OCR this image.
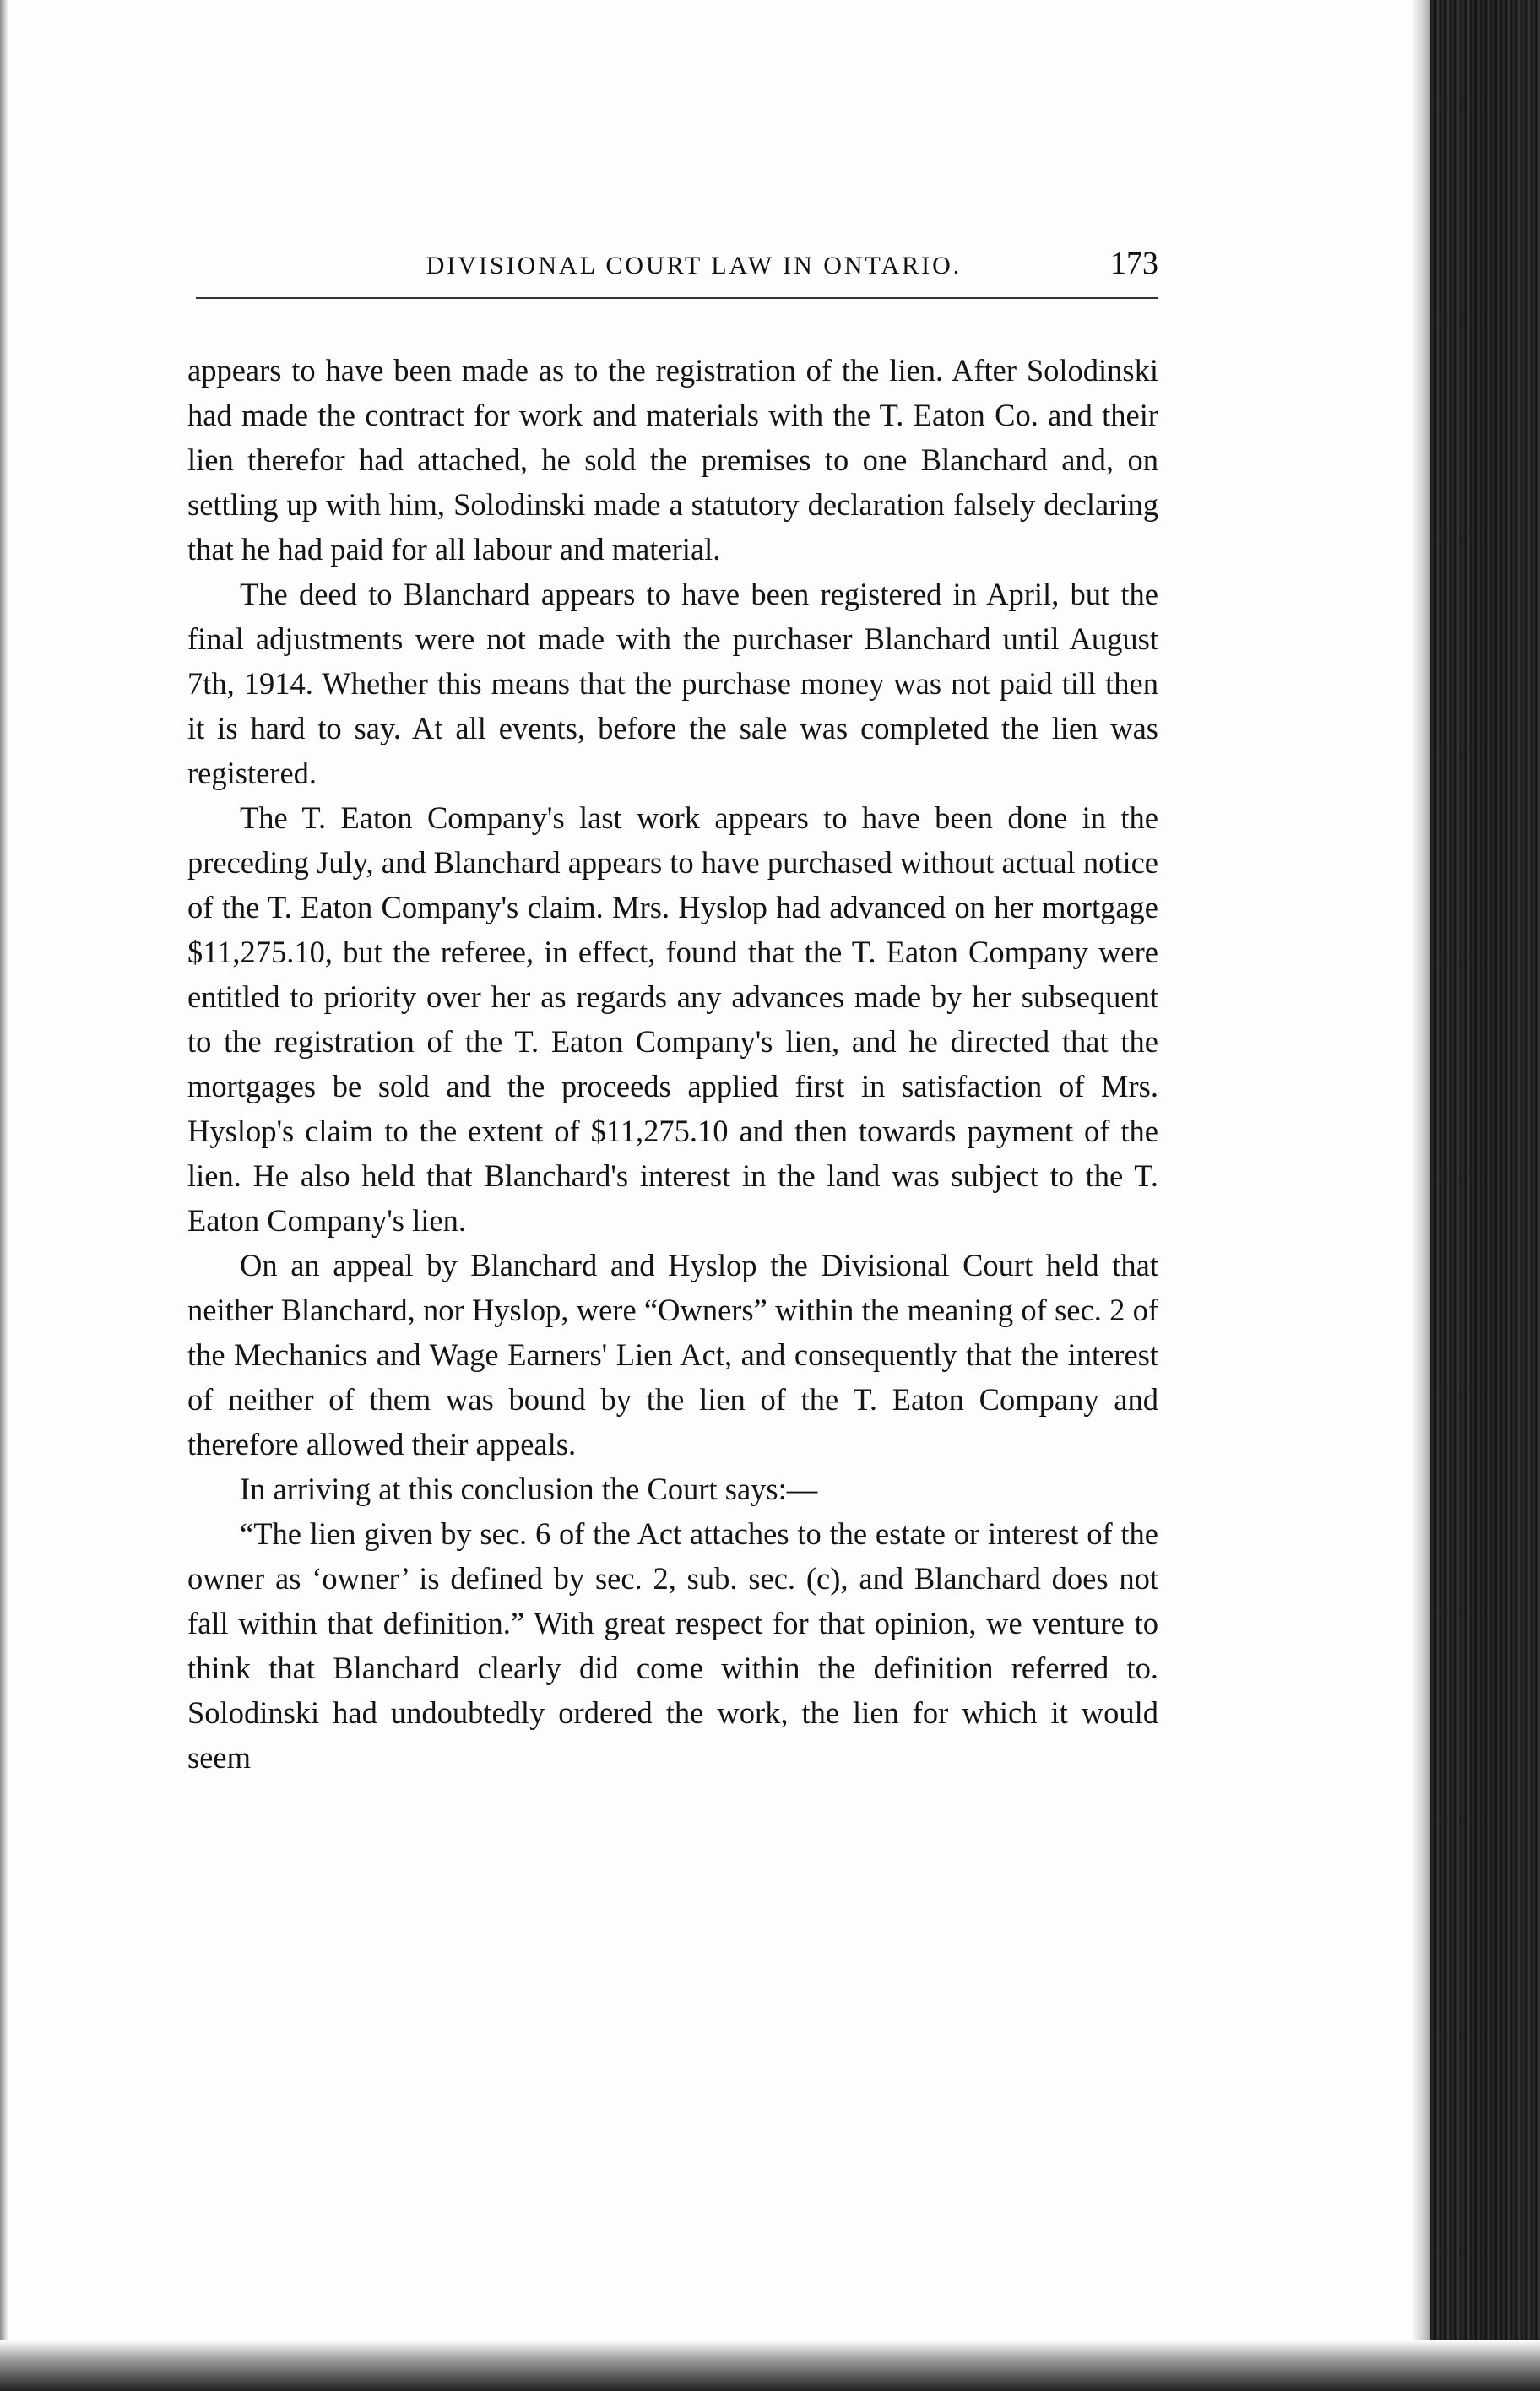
DIVISIONAL COURT LAW IN ONTARIO.	173

appears to have been made as to the registration of the lien. After Solodinski had made the contract for work and materials with the T. Eaton Co. and their lien therefor had attached, he sold the premises to one Blanchard and, on settling up with him, Solodinski made a statutory declaration falsely declaring that he had paid for all labour and material.

The deed to Blanchard appears to have been registered in April, but the final adjustments were not made with the purchaser Blanchard until August 7th, 1914. Whether this means that the purchase money was not paid till then it is hard to say. At all events, before the sale was completed the lien was registered.

The T. Eaton Company's last work appears to have been done in the preceding July, and Blanchard appears to have purchased without actual notice of the T. Eaton Company's claim. Mrs. Hyslop had advanced on her mortgage $11,275.10, but the referee, in effect, found that the T. Eaton Company were entitled to priority over her as regards any advances made by her subsequent to the registration of the T. Eaton Company's lien, and he directed that the mortgages be sold and the proceeds applied first in satisfaction of Mrs. Hyslop's claim to the extent of $11,275.10 and then towards payment of the lien. He also held that Blanchard's interest in the land was subject to the T. Eaton Company's lien.

On an appeal by Blanchard and Hyslop the Divisional Court held that neither Blanchard, nor Hyslop, were “Owners” within the meaning of sec. 2 of the Mechanics and Wage Earners' Lien Act, and consequently that the interest of neither of them was bound by the lien of the T. Eaton Company and therefore allowed their appeals.

In arriving at this conclusion the Court says:—

“The lien given by sec. 6 of the Act attaches to the estate or interest of the owner as ‘owner’ is defined by sec. 2, sub. sec. (c), and Blanchard does not fall within that definition.” With great respect for that opinion, we venture to think that Blanchard clearly did come within the definition referred to. Solodinski had undoubtedly ordered the work, the lien for which it would seem
